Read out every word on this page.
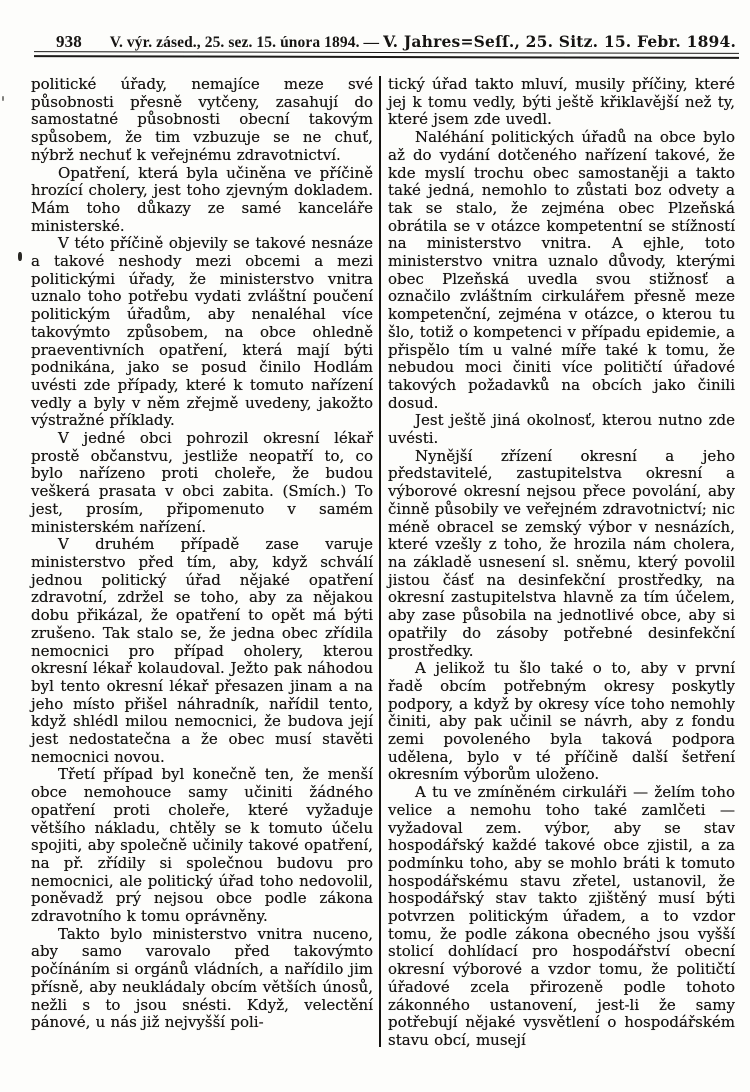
938 V. výr. zásed., 25. sez. 15. února 1894. — V. Jahres=Seſſ., 25. Sitz. 15. Febr. 1894.

politické úřady, nemajíce meze své působnosti přesně vytčeny, zasahují do samostatné působnosti obecní takovým spůsobem, že tim vzbuzuje se ne chuť, nýbrž nechuť k veřejnému zdravotnictví.

Opatření, která byla učiněna ve příčině hrozící cholery, jest toho zjevným dokladem. Mám toho důkazy ze samé kanceláře ministerské.

V této příčině objevily se takové nesnáze a takové neshody mezi obcemi a mezi politickými úřady, že ministerstvo vnitra uznalo toho potřebu vydati zvláštní poučení politickým úřadům, aby nenaléhal více takovýmto způsobem, na obce ohledně praeventivních opatření, která mají býti podnikána, jako se posud činilo Hodlám uvésti zde případy, které k tomuto nařízení vedly a byly v něm zřejmě uvedeny, jakožto výstražné příklady.

V jedné obci pohrozil okresní lékař prostě občanstvu, jestliže neopatří to, co bylo nařízeno proti choleře, že budou veškerá prasata v obci zabita. (Smích.) To jest, prosím, připomenuto v samém ministerském nařízení.

V druhém případě zase varuje ministerstvo před tím, aby, když schválí jednou politický úřad nějaké opatření zdravotní, zdržel se toho, aby za nějakou dobu přikázal, že opatření to opět má býti zrušeno. Tak stalo se, že jedna obec zřídila nemocnici pro případ oholery, kterou okresní lékař kolaudoval. Ježto pak náhodou byl tento okresní lékař přesazen jinam a na jeho místo přišel náhradník, nařídil tento, když shlédl milou nemocnici, že budova její jest nedostatečna a že obec musí stavěti nemocnici novou.

Třetí případ byl konečně ten, že menší obce nemohouce samy učiniti žádného opatření proti choleře, které vyžaduje většího nákladu, chtěly se k tomuto účelu spojiti, aby společně učinily takové opatření, na př. zřídily si společnou budovu pro nemocnici, ale politický úřad toho nedovolil, poněvadž prý nejsou obce podle zákona zdravotního k tomu oprávněny.

Takto bylo ministerstvo vnitra nuceno, aby samo varovalo před takovýmto počínáním si orgánů vládních, a nařídilo jim přísně, aby neukládaly obcím větších únosů, nežli s to jsou snésti. Když, velectění pánové, u nás již nejvyšší poli-

tický úřad takto mluví, musily příčiny, které jej k tomu vedly, býti ještě křiklavější než ty, které jsem zde uvedl.

Naléhání politických úřadů na obce bylo až do vydání dotčeného nařízení takové, že kde myslí trochu obec samostaněji a takto také jedná, nemohlo to zůstati boz odvety a tak se stalo, že zejména obec Plzeňská obrátila se v otázce kompetentní se stížností na ministerstvo vnitra. A ejhle, toto ministerstvo vnitra uznalo důvody, kterými obec Plzeňská uvedla svou stižnosť a označilo zvláštním cirkulářem přesně meze kompetenční, zejména v otázce, o kterou tu šlo, totiž o kompetenci v případu epidemie, a přispělo tím u valné míře také k tomu, že nebudou moci činiti více političtí úřadové takových požadavků na obcích jako činili dosud.

Jest ještě jiná okolnosť, kterou nutno zde uvésti.

Nynější zřízení okresní a jeho představitelé, zastupitelstva okresní a výborové okresní nejsou přece povolání, aby činně působily ve veřejném zdravotnictví; nic méně obracel se zemský výbor v nesnázích, které vzešly z toho, že hrozila nám cholera, na základě usnesení sl. sněmu, který povolil jistou čásť na desinfekční prostředky, na okresní zastupitelstva hlavně za tím účelem, aby zase působila na jednotlivé obce, aby si opatřily do zásoby potřebné desinfekční prostředky.

A jelikož tu šlo také o to, aby v první řadě obcím potřebným okresy poskytly podpory, a když by okresy více toho nemohly činiti, aby pak učinil se návrh, aby z fondu zemi povoleného byla taková podpora udělena, bylo v té příčině další šetření okresním výborům uloženo.

A tu ve zmíněném cirkuláři — želím toho velice a nemohu toho také zamlčeti — vyžadoval zem. výbor, aby se stav hospodářský každé takové obce zjistil, a za podmínku toho, aby se mohlo bráti k tomuto hospodářskému stavu zřetel, ustanovil, že hospodářský stav takto zjištěný musí býti potvrzen politickým úřadem, a to vzdor tomu, že podle zákona obecného jsou vyšší stolicí dohlídací pro hospodářství obecní okresní výborové a vzdor tomu, že političtí úřadové zcela přirozeně podle tohoto zákonného ustanovení, jest-li že samy potřebují nějaké vysvětlení o hospodářském stavu obcí, musejí
